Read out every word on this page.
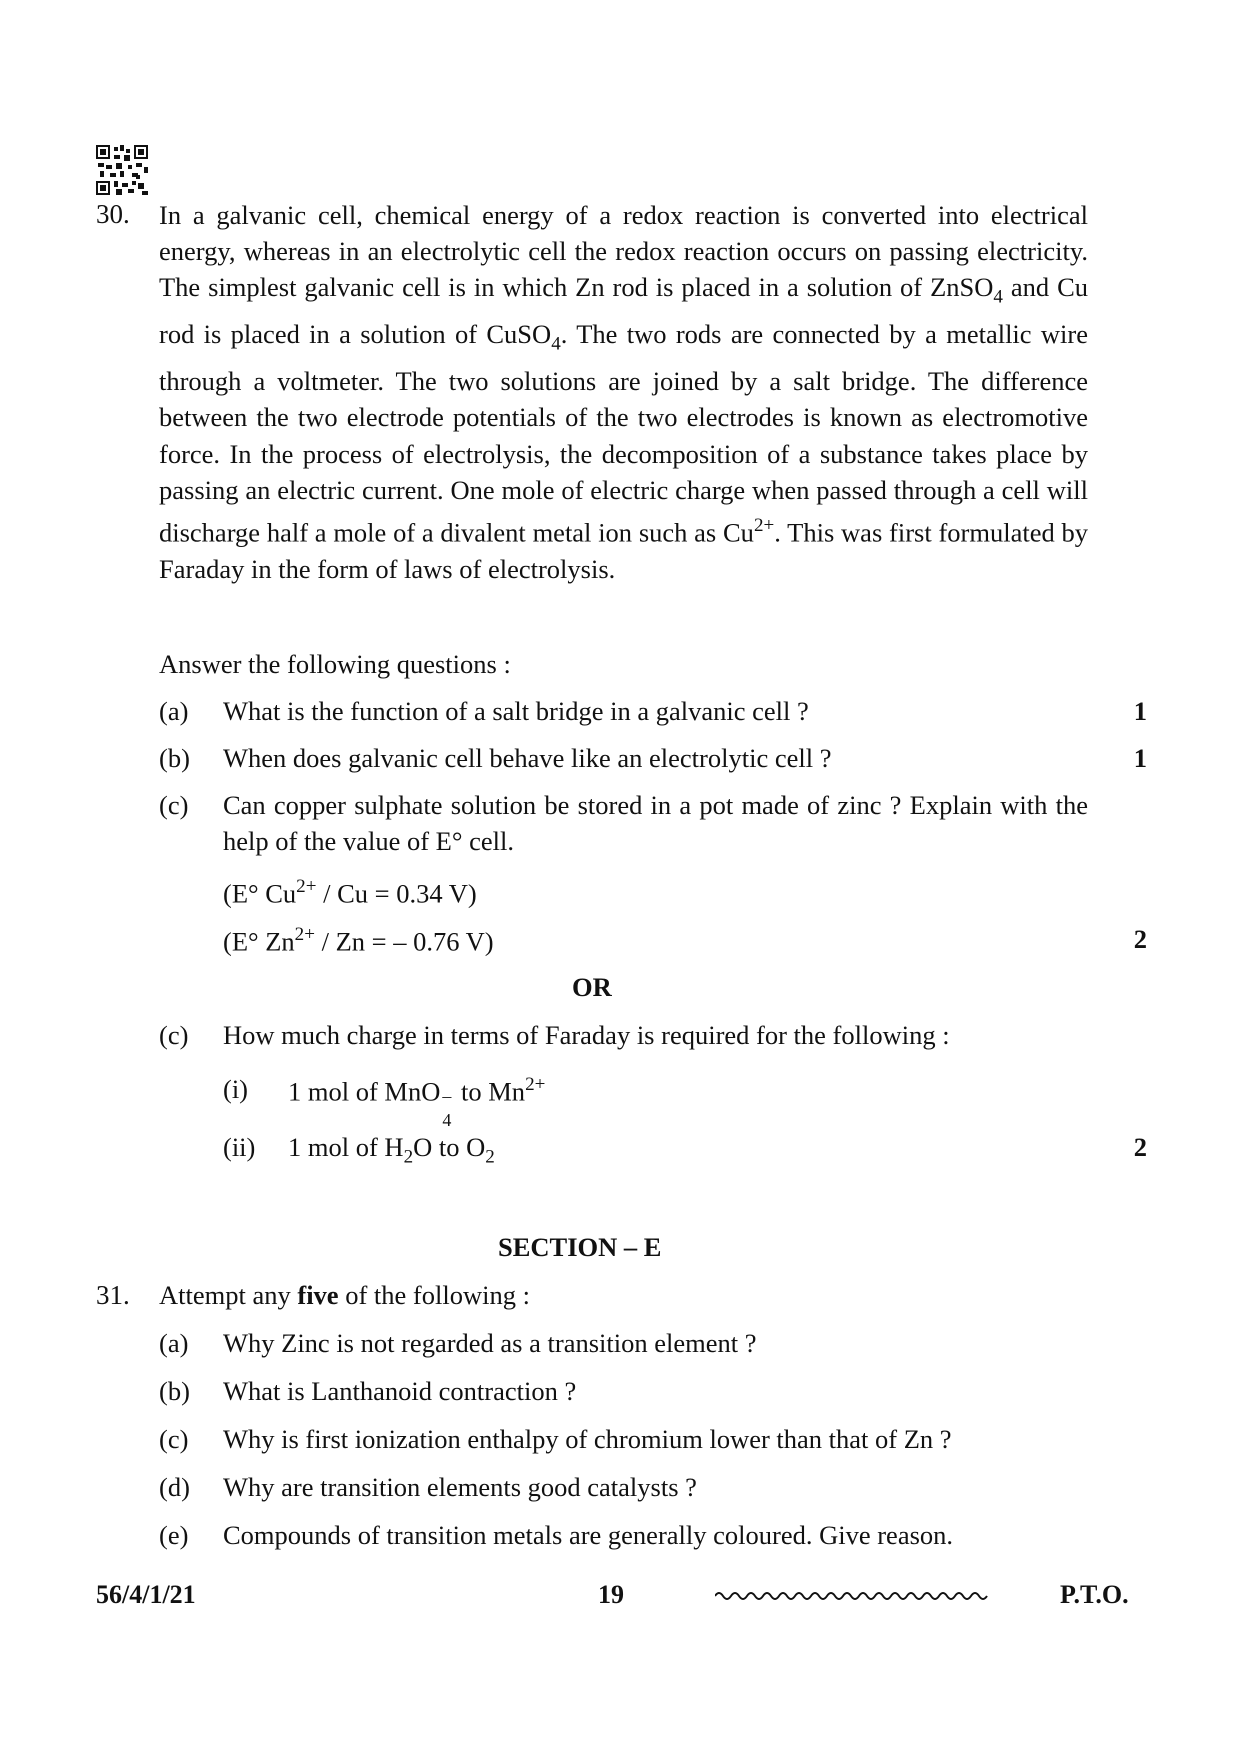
30. In a galvanic cell, chemical energy of a redox reaction is converted into electrical energy, whereas in an electrolytic cell the redox reaction occurs on passing electricity. The simplest galvanic cell is in which Zn rod is placed in a solution of ZnSO$_4$ and Cu rod is placed in a solution of CuSO$_4$. The two rods are connected by a metallic wire through a voltmeter. The two solutions are joined by a salt bridge. The difference between the two electrode potentials of the two electrodes is known as electromotive force. In the process of electrolysis, the decomposition of a substance takes place by passing an electric current. One mole of electric charge when passed through a cell will discharge half a mole of a divalent metal ion such as $Cu^{2+}$. This was first formulated by Faraday in the form of laws of electrolysis.

Answer the following questions :
(a) What is the function of a salt bridge in a galvanic cell ?	1
(b) When does galvanic cell behave like an electrolytic cell ?	1
(c) Can copper sulphate solution be stored in a pot made of zinc ? Explain with the help of the value of E° cell.
(E° $Cu^{2+} / Cu = 0.34$ V)
(E° $Zn^{2+}$ / Zn = – 0.76 V)	2
OR
(c) How much charge in terms of Faraday is required for the following :
(i) 1 mol of MnO –
4
to $Mn^{2+}$
(ii) 1 mol of $H_2O$ to $O_2$	2
SECTION – E
31. Attempt any five of the following :
(a) Why Zinc is not regarded as a transition element ?
(b) What is Lanthanoid contraction ?
(c) Why is first ionization enthalpy of chromium lower than that of Zn ?
(d) Why are transition elements good catalysts ?
(e) Compounds of transition metals are generally coloured. Give reason.
56/4/1/21	19	P.T.O.
